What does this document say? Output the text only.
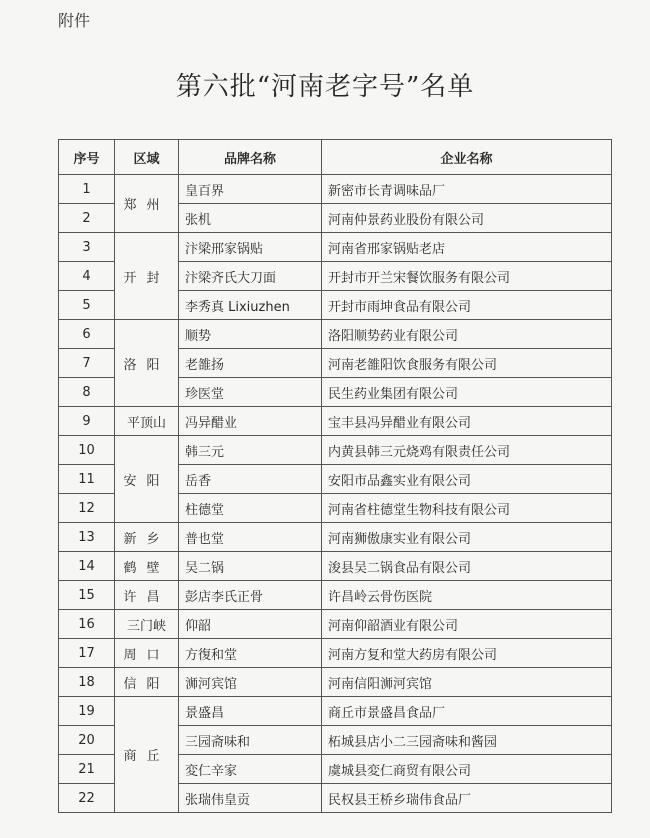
附件
第六批“河南老字号”名单
序号	区域	品牌名称	企业名称
1	郑州	皇百界	新密市长青调味品厂
2		张机	河南仲景药业股份有限公司
3	开封	汴梁邢家锅贴	河南省邢家锅贴老店
4		汴梁齐氏大刀面	开封市开兰宋餐饮服务有限公司
5		李秀真 Lixiuzhen	开封市雨坤食品有限公司
6	洛阳	顺势	洛阳顺势药业有限公司
7		老雒扬	河南老雒阳饮食服务有限公司
8		珍医堂	民生药业集团有限公司
9	平顶山	冯异醋业	宝丰县冯异醋业有限公司
10	安阳	韩三元	内黄县韩三元烧鸡有限责任公司
11		岳香	安阳市品鑫实业有限公司
12		柱德堂	河南省柱德堂生物科技有限公司
13	新乡	普也堂	河南狮傲康实业有限公司
14	鹤壁	吴二锅	浚县吴二锅食品有限公司
15	许昌	彭店李氏正骨	许昌岭云骨伤医院
16	三门峡	仰韶	河南仰韶酒业有限公司
17	周口	方復和堂	河南方复和堂大药房有限公司
18	信阳	浉河宾馆	河南信阳浉河宾馆
19	商丘	景盛昌	商丘市景盛昌食品厂
20		三园斋味和	柘城县店小二三园斋味和酱园
21		変仁辛家	虞城县変仁商贸有限公司
22		张瑞伟皇贡	民权县王桥乡瑞伟食品厂
